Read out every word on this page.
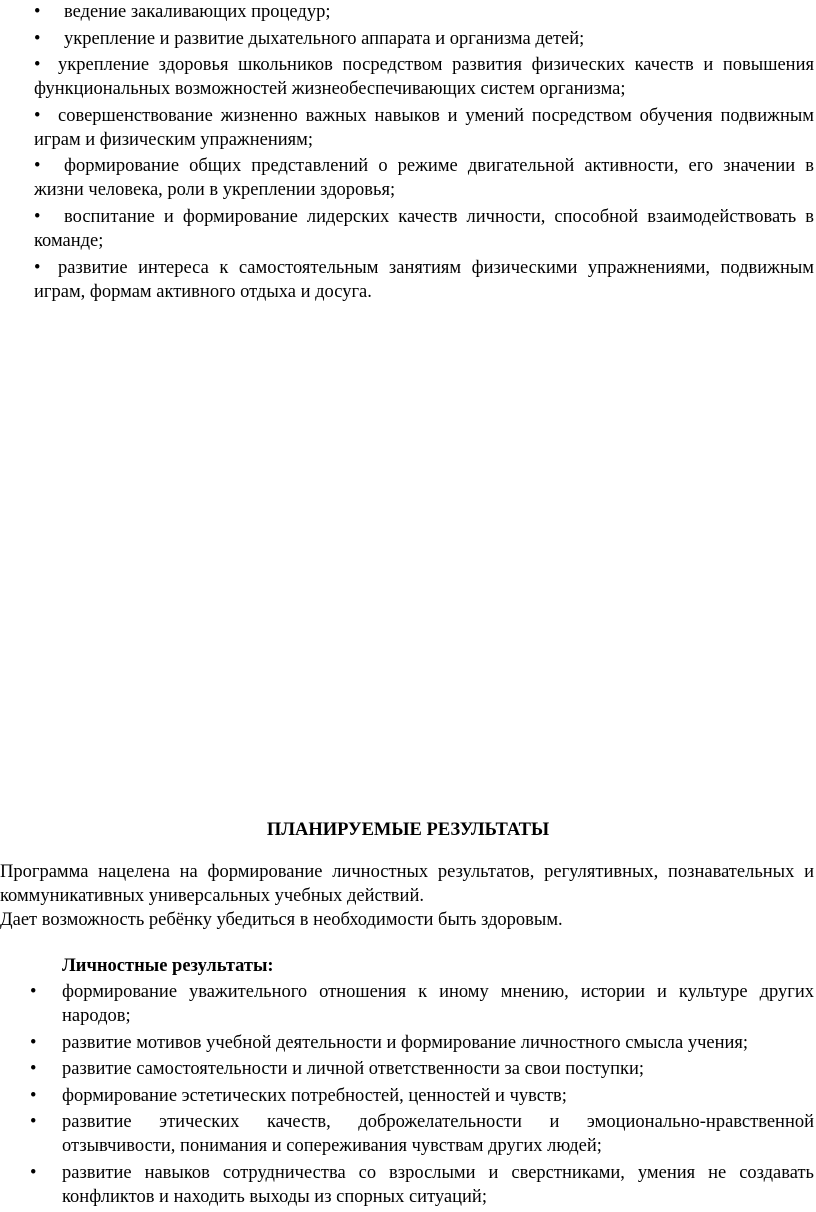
• ведение закаливающих процедур;
• укрепление и развитие дыхательного аппарата и организма детей;
• укрепление здоровья школьников посредством развития физических качеств и повышения функциональных возможностей жизнеобеспечивающих систем организма;
• совершенствование жизненно важных навыков и умений посредством обучения подвижным играм и физическим упражнениям;
• формирование общих представлений о режиме двигательной активности, его значении в жизни человека, роли в укреплении здоровья;
• воспитание и формирование лидерских качеств личности, способной взаимодействовать в команде;
• развитие интереса к самостоятельным занятиям физическими упражнениями, подвижным играм, формам активного отдыха и досуга.
ПЛАНИРУЕМЫЕ РЕЗУЛЬТАТЫ

Программа нацелена на формирование личностных результатов, регулятивных, познавательных и коммуникативных универсальных учебных действий.

Дает возможность ребёнку убедиться в необходимости быть здоровым.

Личностные результаты:
• формирование уважительного отношения к иному мнению, истории и культуре других народов;
• развитие мотивов учебной деятельности и формирование личностного смысла учения;
• развитие самостоятельности и личной ответственности за свои поступки;
• формирование эстетических потребностей, ценностей и чувств;
• развитие этических качеств, доброжелательности и эмоционально-нравственной отзывчивости, понимания и сопереживания чувствам других людей;
• развитие навыков сотрудничества со взрослыми и сверстниками, умения не создавать конфликтов и находить выходы из спорных ситуаций;
